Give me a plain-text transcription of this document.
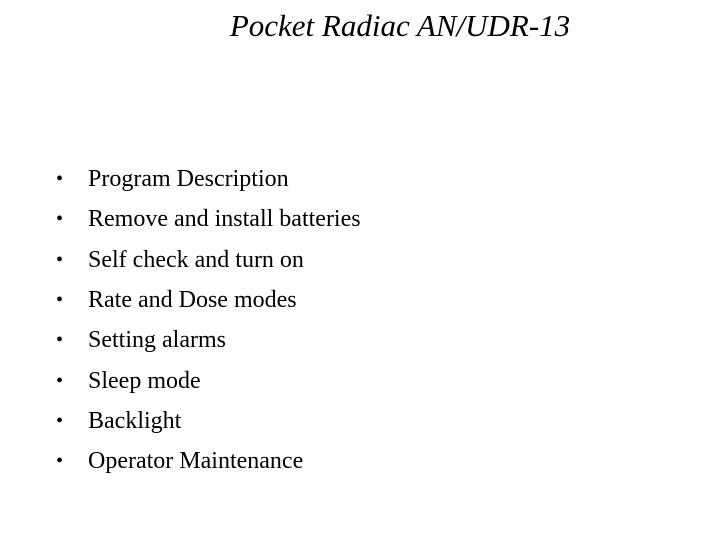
Pocket Radiac AN/UDR-13
•	Program Description
•	Remove and install batteries
•	Self check and turn on
•	Rate and Dose modes
•	Setting alarms
•	Sleep mode
•	Backlight
•	Operator Maintenance
